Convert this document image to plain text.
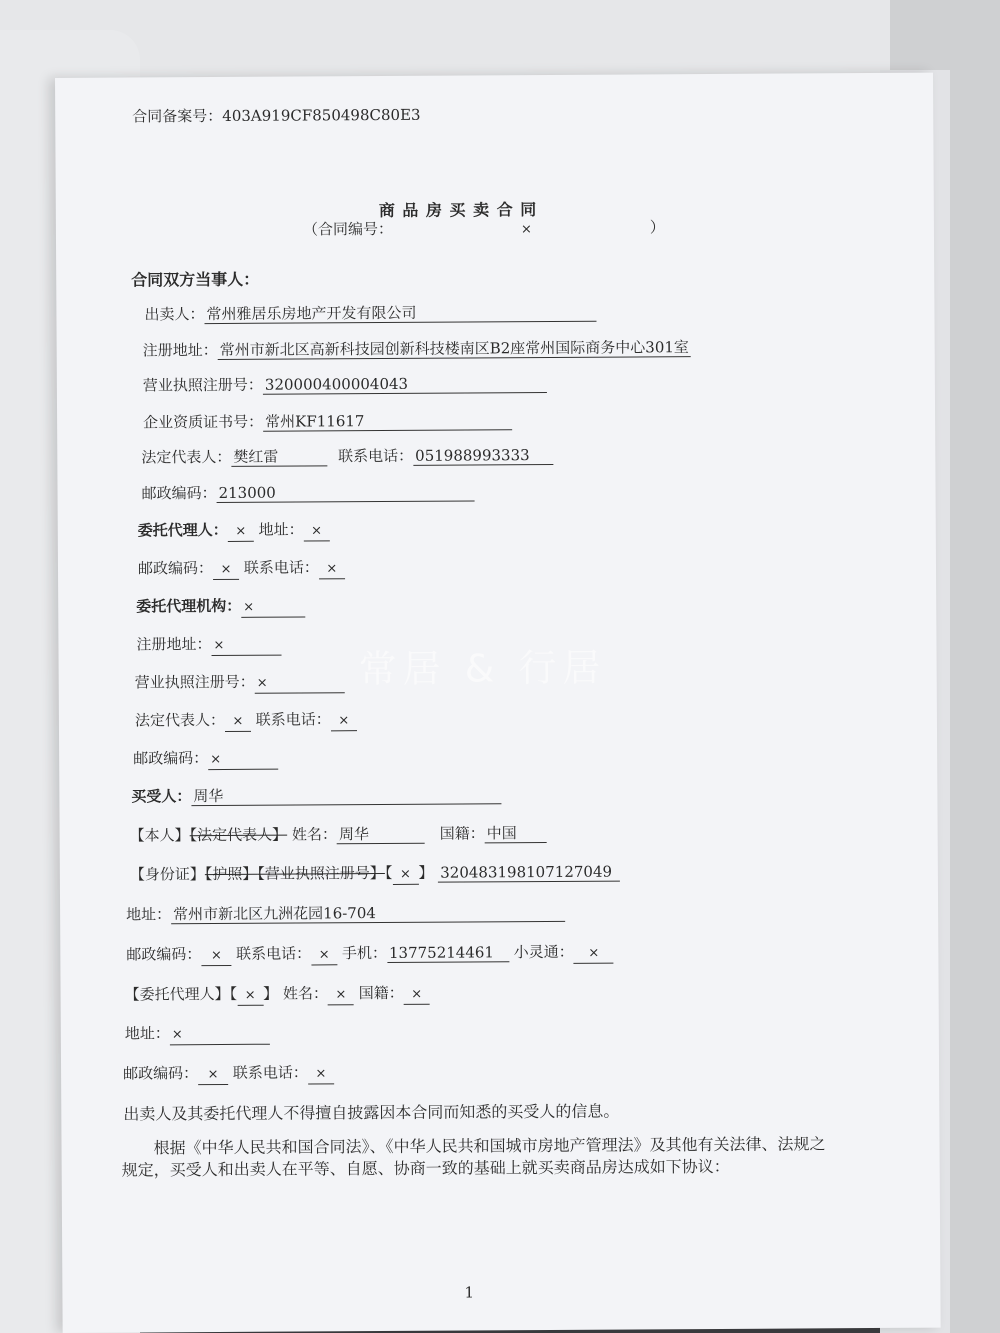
合同备案号：403A919CF850498C80E3
商 品 房 买 卖 合 同
（合同编号：	×	）
合同双方当事人：
出卖人： 常州雅居乐房地产开发有限公司
注册地址： 常州市新北区高新科技园创新科技楼南区B2座常州国际商务中心301室
营业执照注册号： 320000400004043
企业资质证书号： 常州KF11617
法定代表人： 樊红雷	联系电话： 051988993333
邮政编码： 213000
委托代理人： × 地址： ×
邮政编码： × 联系电话： ×
委托代理机构： ×
注册地址： ×
营业执照注册号： ×
法定代表人： × 联系电话： ×
邮政编码： ×
买受人： 周华
【本人】【法定代表人】 姓名： 周华	国籍： 中国
【身份证】【护照】【营业执照注册号】【 × 】 320483198107127049
地址： 常州市新北区九洲花园16-704
邮政编码： × 联系电话： × 手机： 13775214461 小灵通： ×
【委托代理人】【 × 】 姓名： × 国籍： ×
地址： ×
邮政编码： × 联系电话： ×
出卖人及其委托代理人不得擅自披露因本合同而知悉的买受人的信息。
根据《中华人民共和国合同法》、《中华人民共和国城市房地产管理法》及其他有关法律、法规之规定，买受人和出卖人在平等、自愿、协商一致的基础上就买卖商品房达成如下协议：
1
常居 & 行居
